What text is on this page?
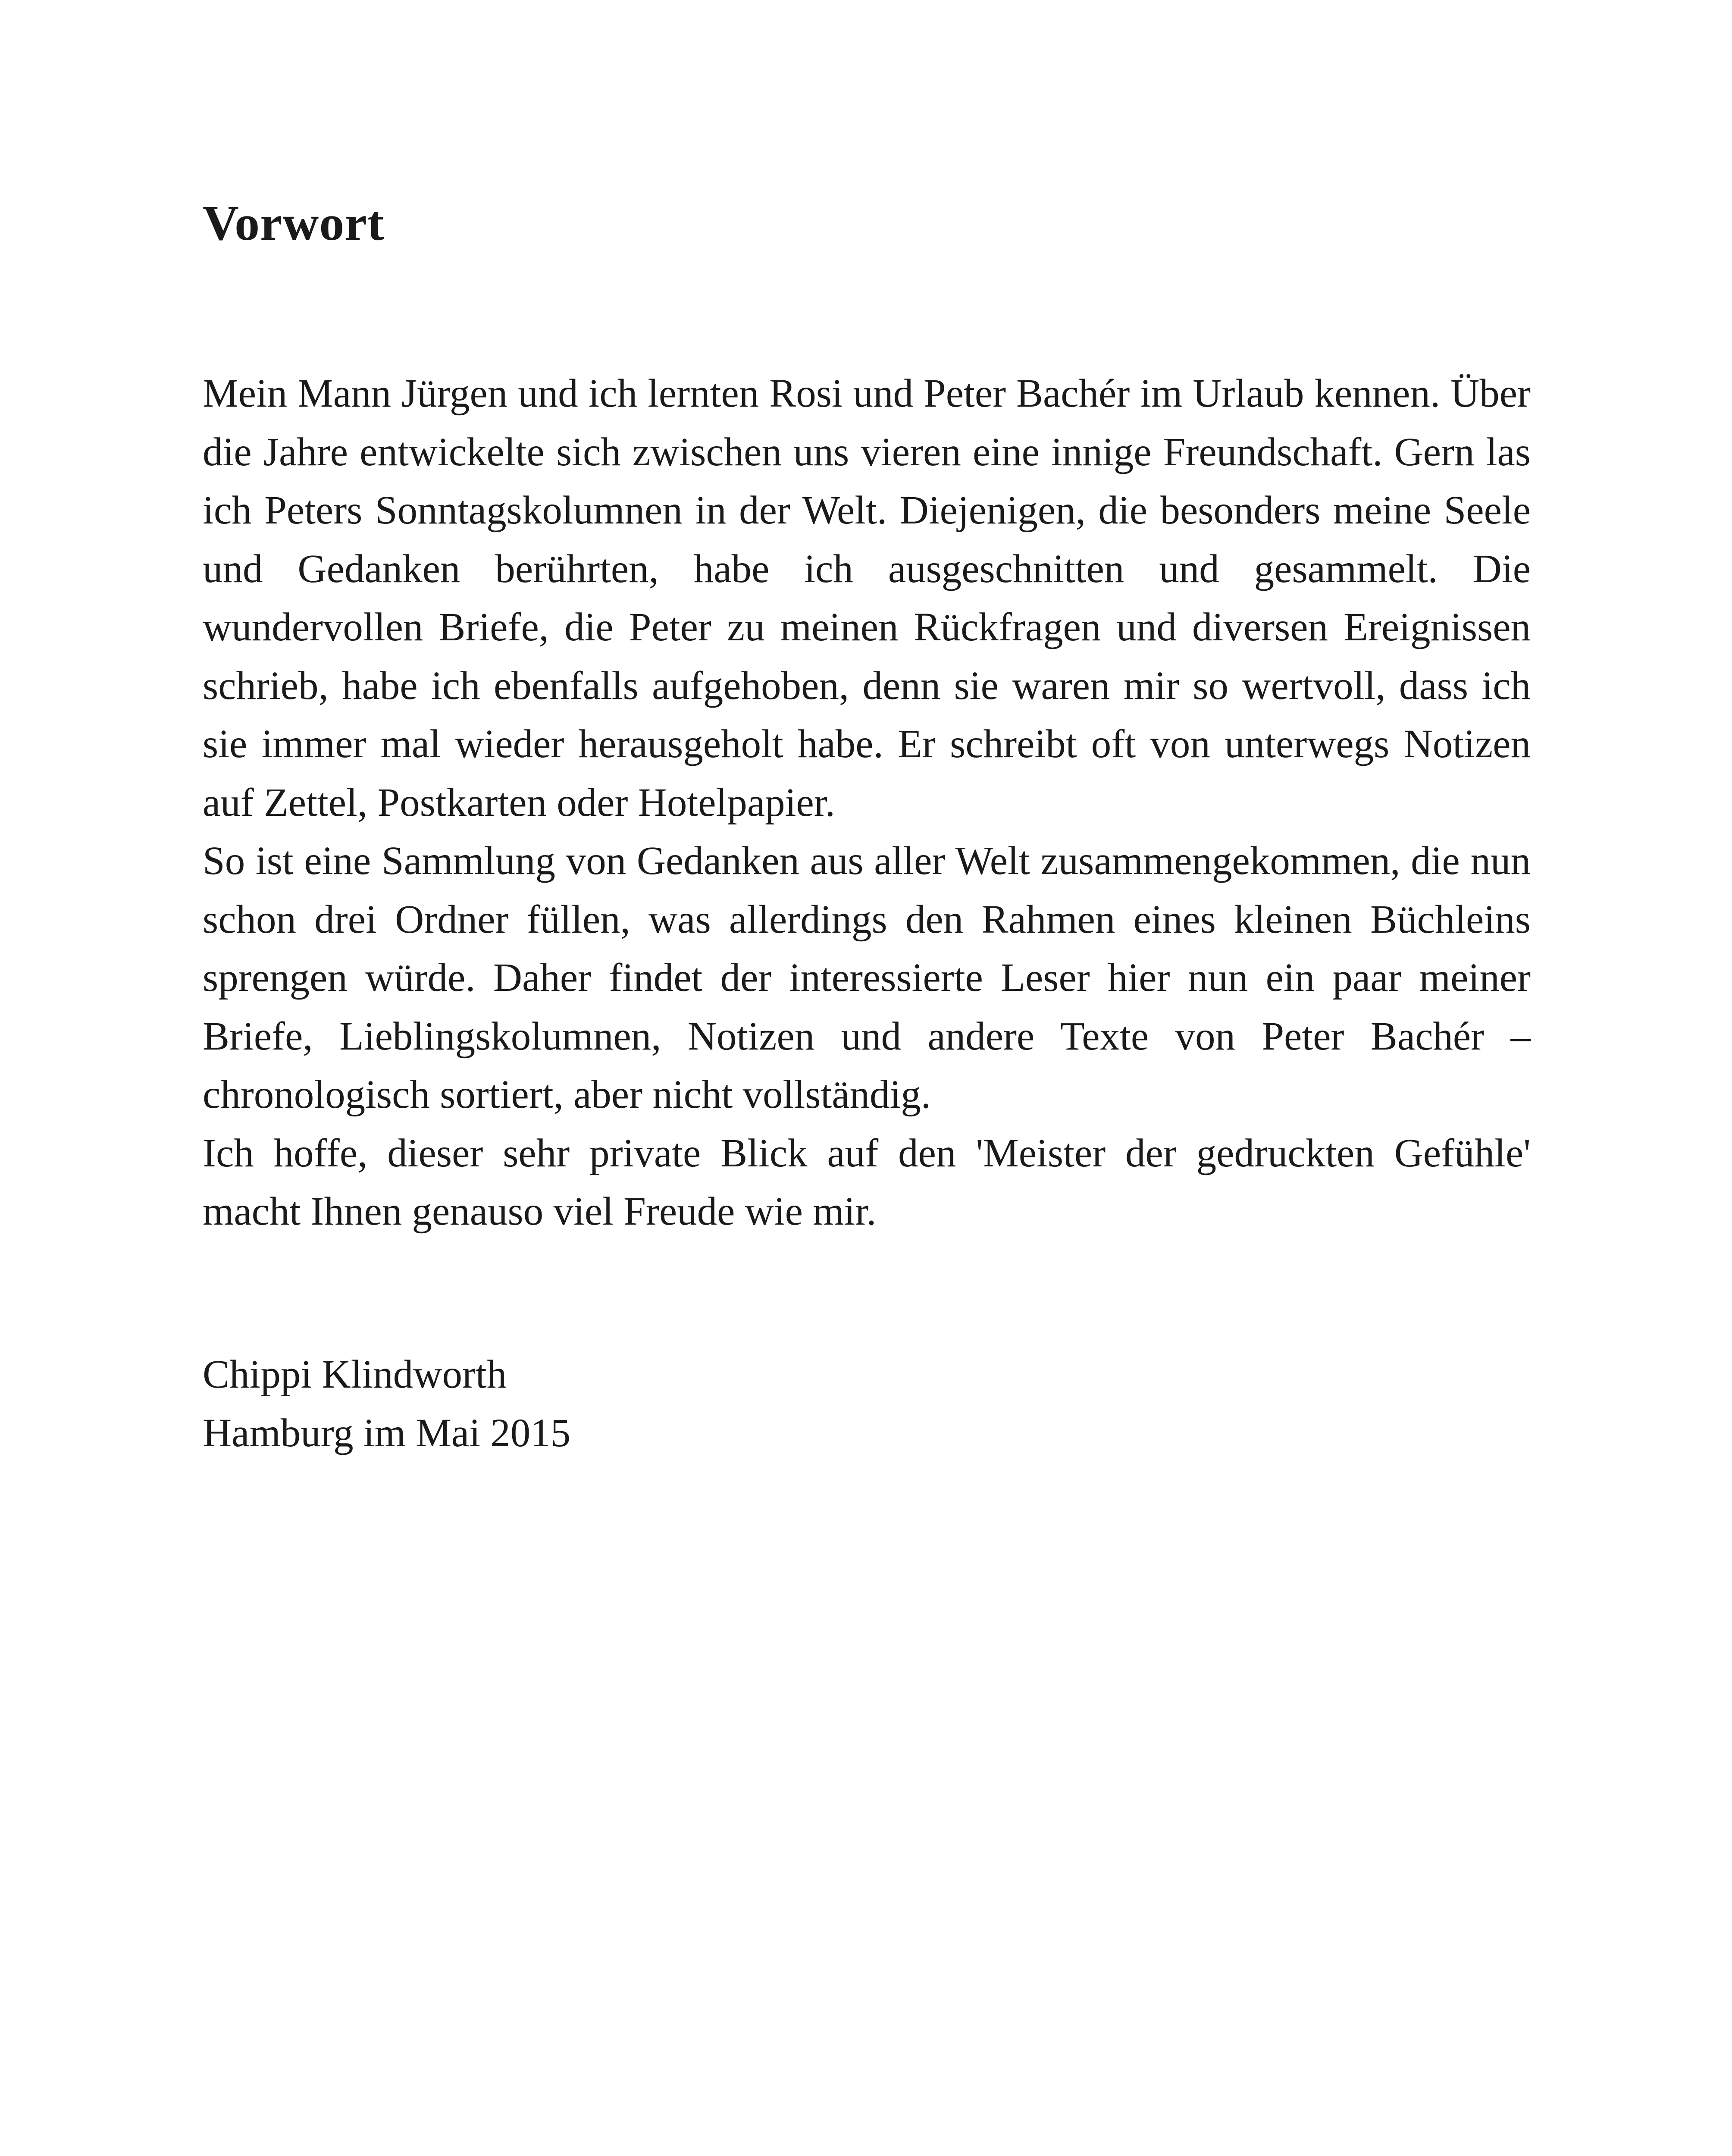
Vorwort

Mein Mann Jürgen und ich lernten Rosi und Peter Bachér im Urlaub kennen. Über die Jahre entwickelte sich zwischen uns vieren eine innige Freundschaft. Gern las ich Peters Sonntagskolumnen in der Welt. Diejenigen, die besonders meine Seele und Gedanken berührten, habe ich ausgeschnitten und gesammelt. Die wundervollen Briefe, die Peter zu meinen Rückfragen und diversen Ereignissen schrieb, habe ich ebenfalls aufgehoben, denn sie waren mir so wertvoll, dass ich sie immer mal wieder herausgeholt habe. Er schreibt oft von unterwegs Notizen auf Zettel, Postkarten oder Hotelpapier.

So ist eine Sammlung von Gedanken aus aller Welt zusammengekommen, die nun schon drei Ordner füllen, was allerdings den Rahmen eines kleinen Büchleins sprengen würde. Daher findet der interessierte Leser hier nun ein paar meiner Briefe, Lieblingskolumnen, Notizen und andere Texte von Peter Bachér – chronologisch sortiert, aber nicht vollständig.

Ich hoffe, dieser sehr private Blick auf den 'Meister der gedruckten Gefühle' macht Ihnen genauso viel Freude wie mir.

Chippi Klindworth
Hamburg im Mai 2015
